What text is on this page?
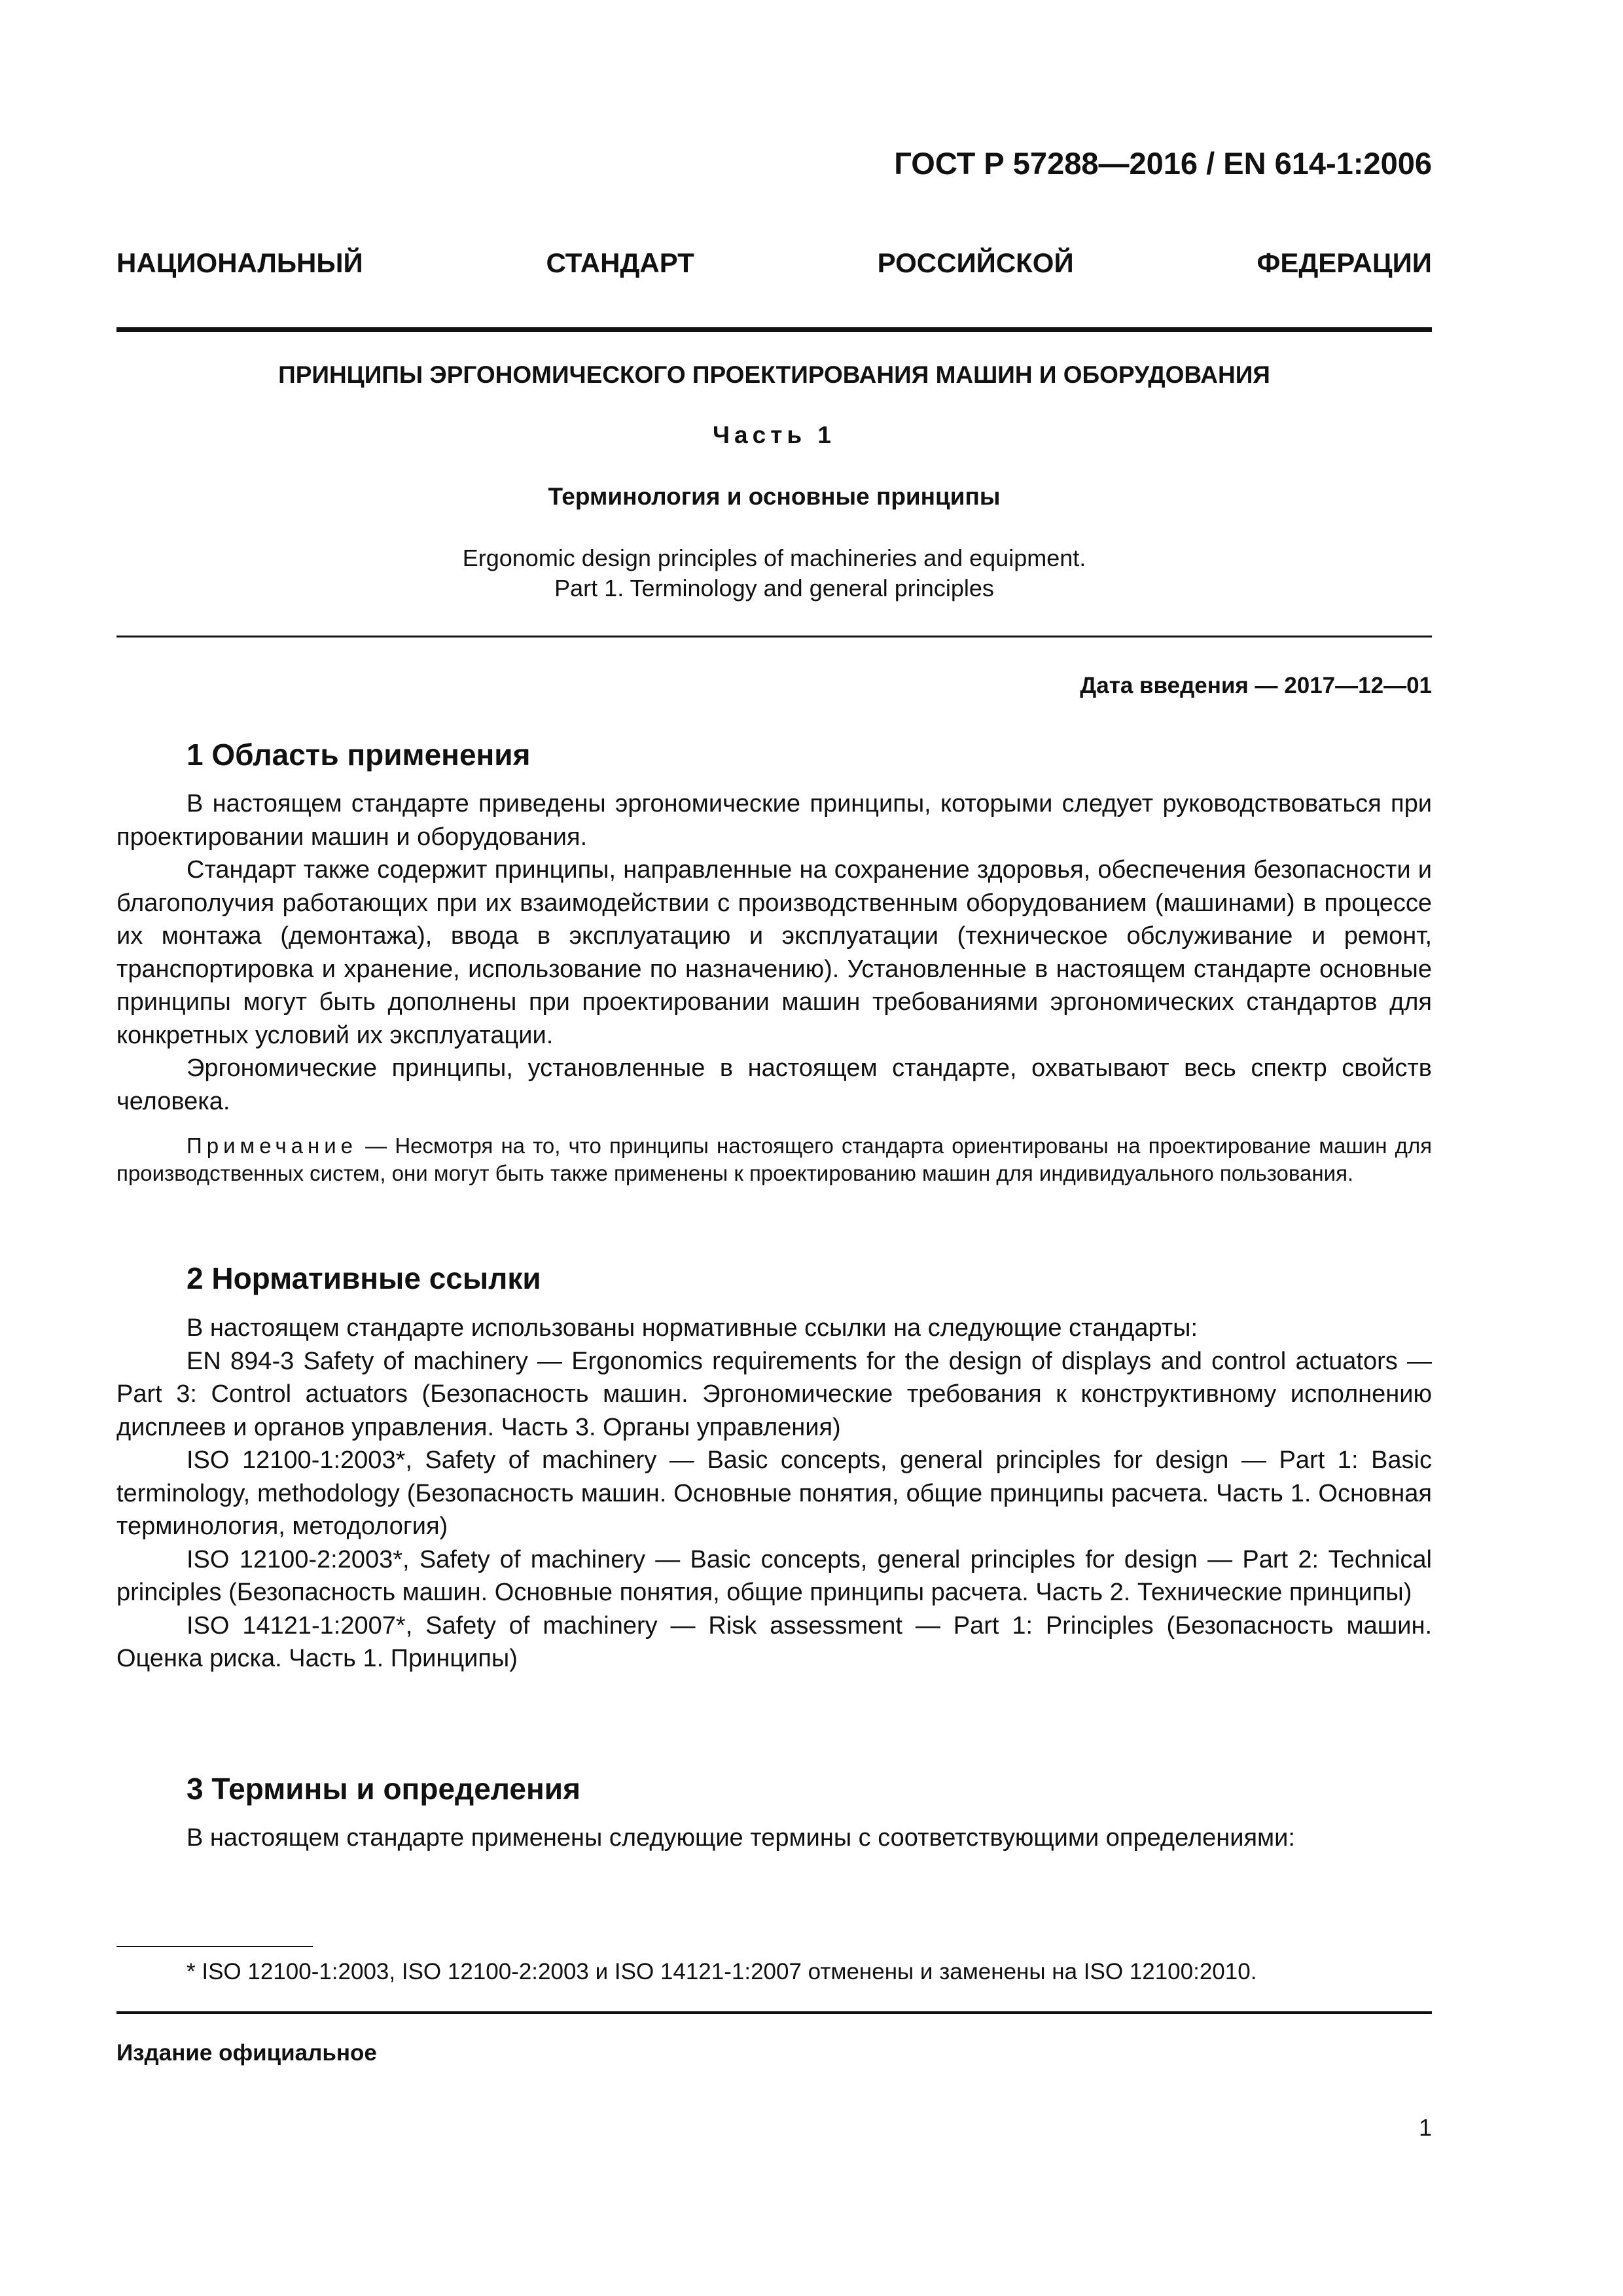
ГОСТ Р 57288—2016 / EN 614-1:2006
НАЦИОНАЛЬНЫЙ	СТАНДАРТ	РОССИЙСКОЙ	ФЕДЕРАЦИИ
ПРИНЦИПЫ ЭРГОНОМИЧЕСКОГО ПРОЕКТИРОВАНИЯ МАШИН И ОБОРУДОВАНИЯ
Часть 1
Терминология и основные принципы
Ergonomic design principles of machineries and equipment.
Part 1. Terminology and general principles
Дата введения — 2017—12—01
1 Область применения

В настоящем стандарте приведены эргономические принципы, которыми следует руководствоваться при проектировании машин и оборудования.

Стандарт также содержит принципы, направленные на сохранение здоровья, обеспечения безопасности и благополучия работающих при их взаимодействии с производственным оборудованием (машинами) в процессе их монтажа (демонтажа), ввода в эксплуатацию и эксплуатации (техническое обслуживание и ремонт, транспортировка и хранение, использование по назначению). Установленные в настоящем стандарте основные принципы могут быть дополнены при проектировании машин требованиями эргономических стандартов для конкретных условий их эксплуатации.

Эргономические принципы, установленные в настоящем стандарте, охватывают весь спектр свойств человека.

Примечание — Несмотря на то, что принципы настоящего стандарта ориентированы на проектирование машин для производственных систем, они могут быть также применены к проектированию машин для индивидуального пользования.
2 Нормативные ссылки

В настоящем стандарте использованы нормативные ссылки на следующие стандарты:

EN 894-3 Safety of machinery — Ergonomics requirements for the design of displays and control actuators — Part 3: Control actuators (Безопасность машин. Эргономические требования к конструктивному исполнению дисплеев и органов управления. Часть 3. Органы управления)

ISO 12100-1:2003*, Safety of machinery — Basic concepts, general principles for design — Part 1: Basic terminology, methodology (Безопасность машин. Основные понятия, общие принципы расчета. Часть 1. Основная терминология, методология)

ISO 12100-2:2003*, Safety of machinery — Basic concepts, general principles for design — Part 2: Technical principles (Безопасность машин. Основные понятия, общие принципы расчета. Часть 2. Технические принципы)

ISO 14121-1:2007*, Safety of machinery — Risk assessment — Part 1: Principles (Безопасность машин. Оценка риска. Часть 1. Принципы)

3 Термины и определения

В настоящем стандарте применены следующие термины с соответствующими определениями:

* ISO 12100-1:2003, ISO 12100-2:2003 и ISO 14121-1:2007 отменены и заменены на ISO 12100:2010.
Издание официальное
1
